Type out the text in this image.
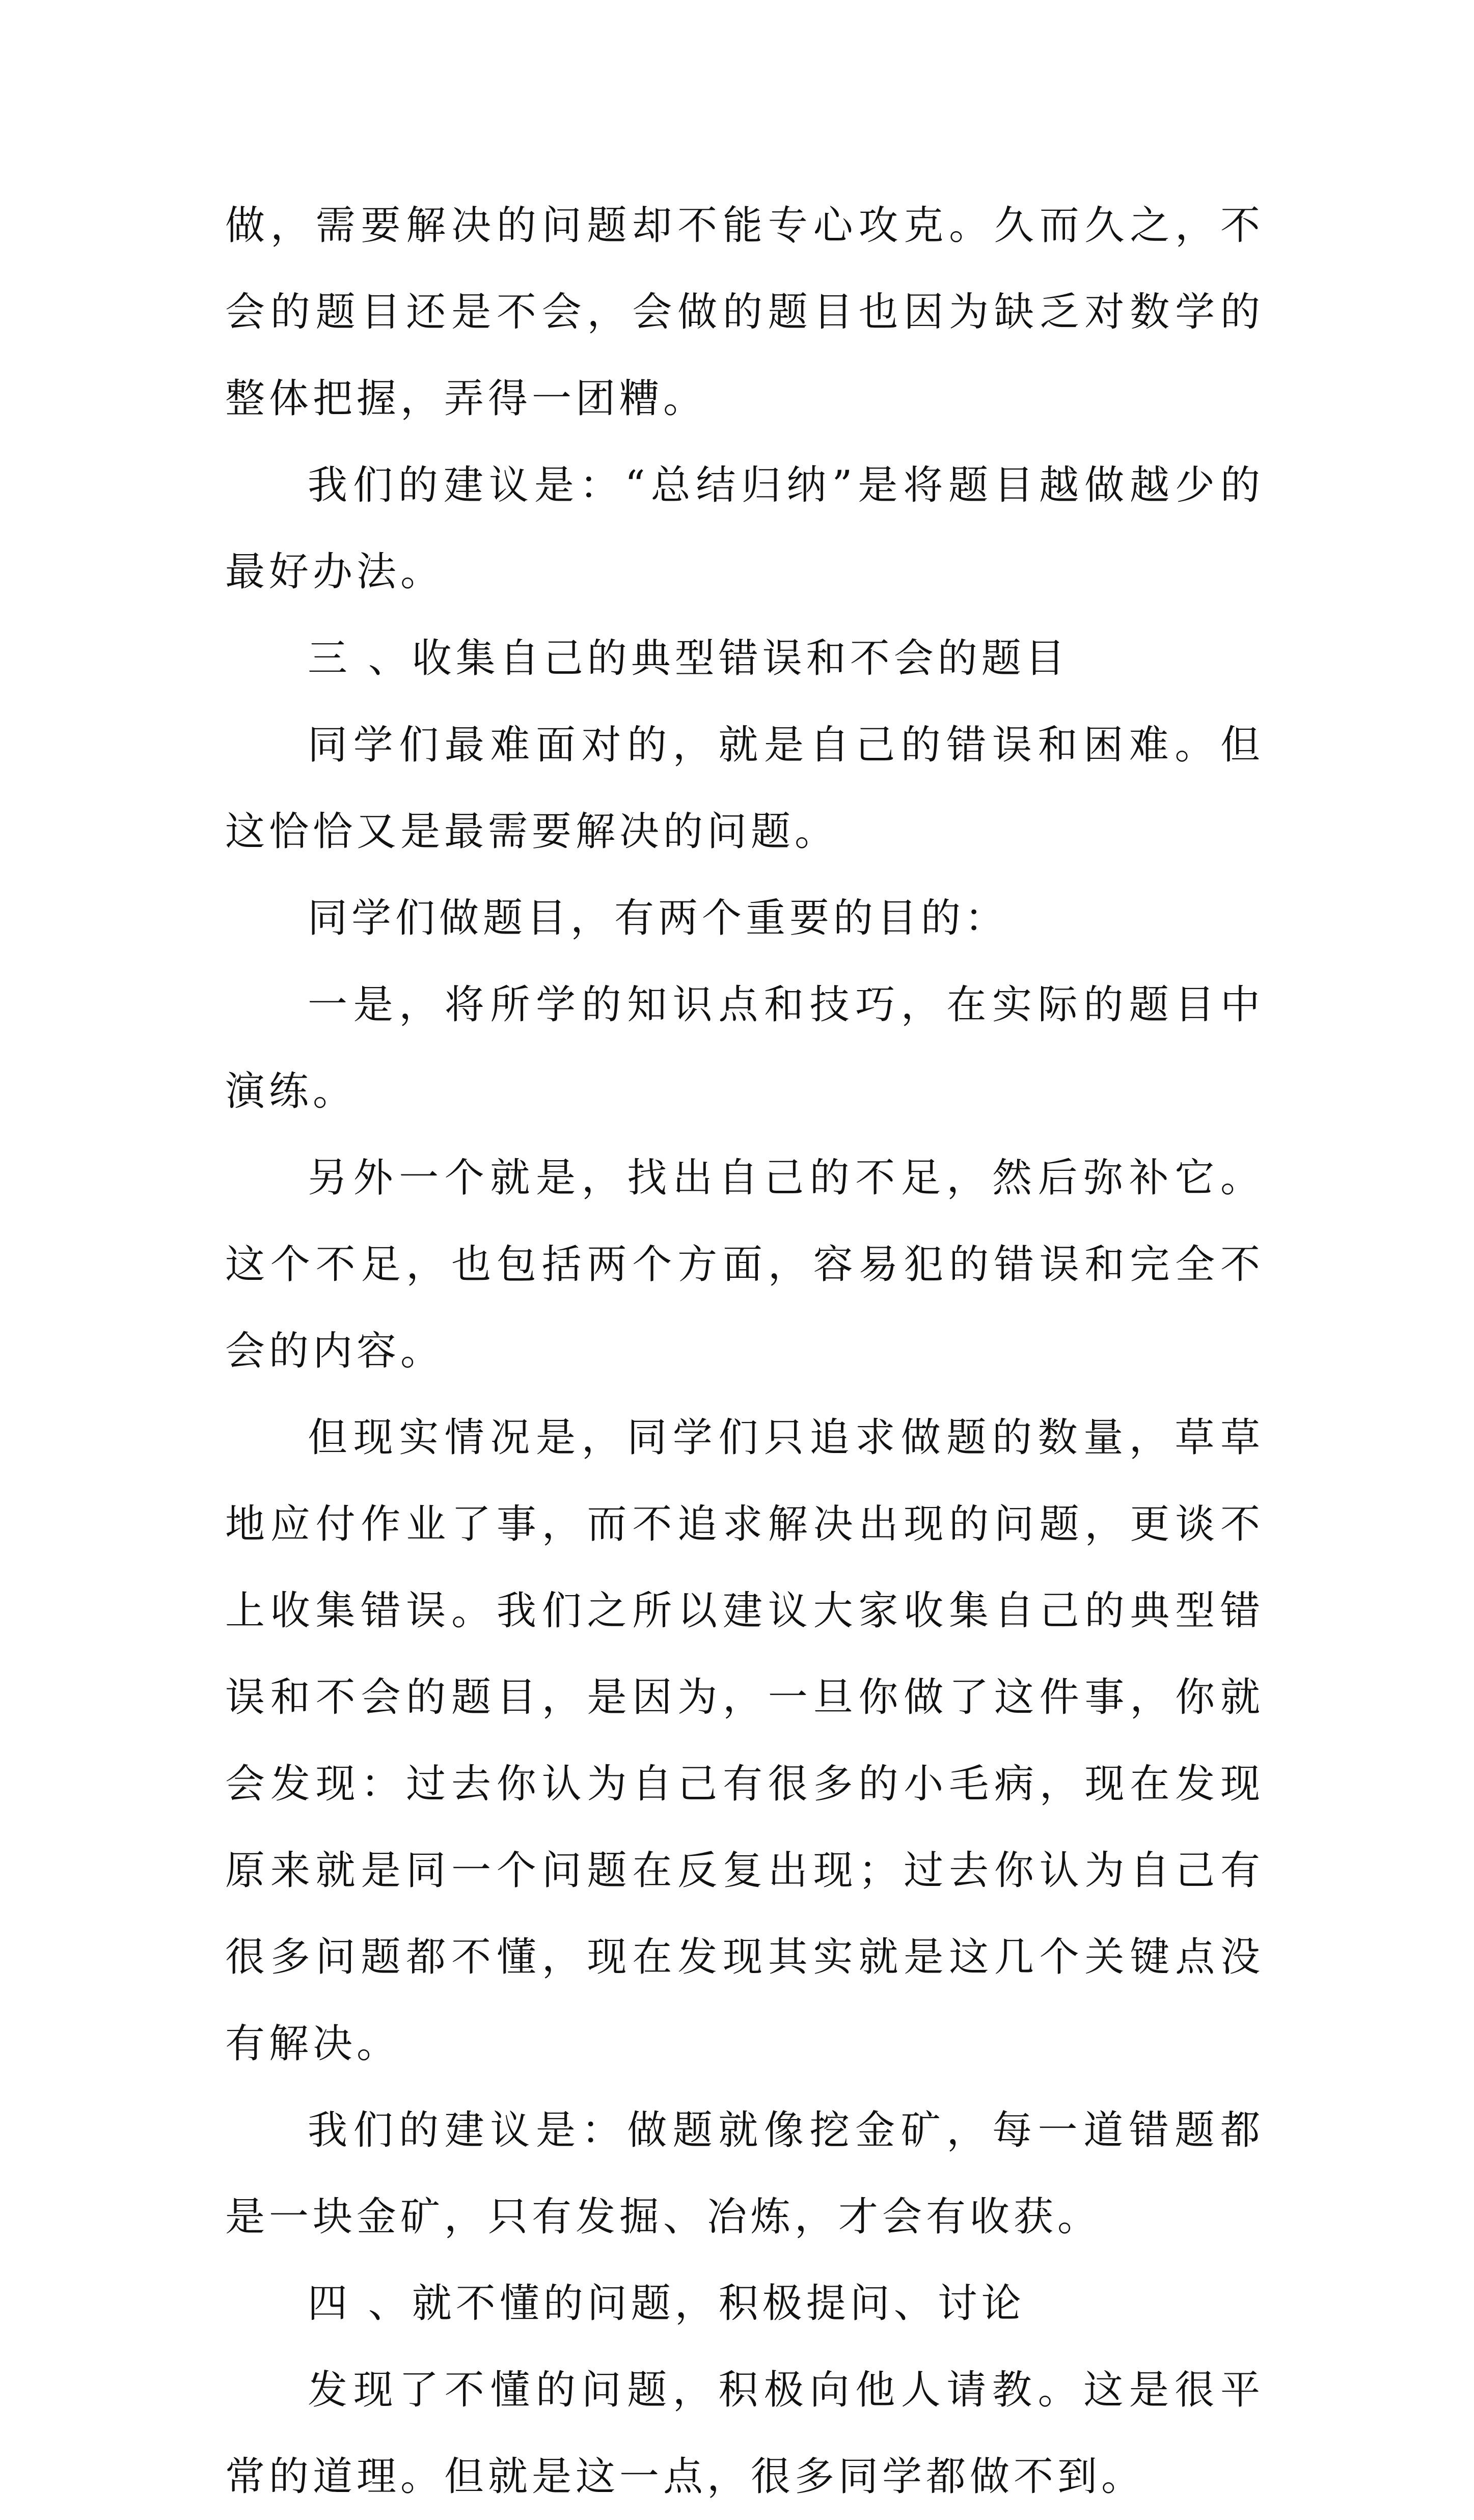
做，需要解决的问题却不能专心攻克。久而久之，不会的题目还是不会，会做的题目也因为缺乏对数学的整体把握，弄得一团糟。

我们的建议是：“总结归纳”是将题目越做越少的最好办法。

三 、收集自己的典型错误和不会的题目

同学们最难面对的，就是自己的错误和困难。但这恰恰又是最需要解决的问题。

同学们做题目，有两个重要的目的：

一是，将所学的知识点和技巧，在实际的题目中演练。

另外一个就是，找出自己的不足，然后弥补它。这个不足，也包括两个方面，容易犯的错误和完全不会的内容。

但现实情况是，同学们只追求做题的数量，草草地应付作业了事，而不追求解决出现的问题，更谈不上收集错误。我们之所以建议大家收集自己的典型错误和不会的题目，是因为，一旦你做了这件事，你就会发现：过去你认为自己有很多的小毛病，现在发现原来就是同一个问题在反复出现；过去你认为自己有很多问题都不懂，现在发现其实就是这几个关键点没有解决。

我们的建议是：做题就像挖金矿，每一道错题都是一块金矿，只有发掘、冶炼，才会有收获。

四 、就不懂的问题，积极提问、讨论

发现了不懂的问题，积极向他人请教。这是很平常的道理。但就是这一点，很多同学都做不到。
